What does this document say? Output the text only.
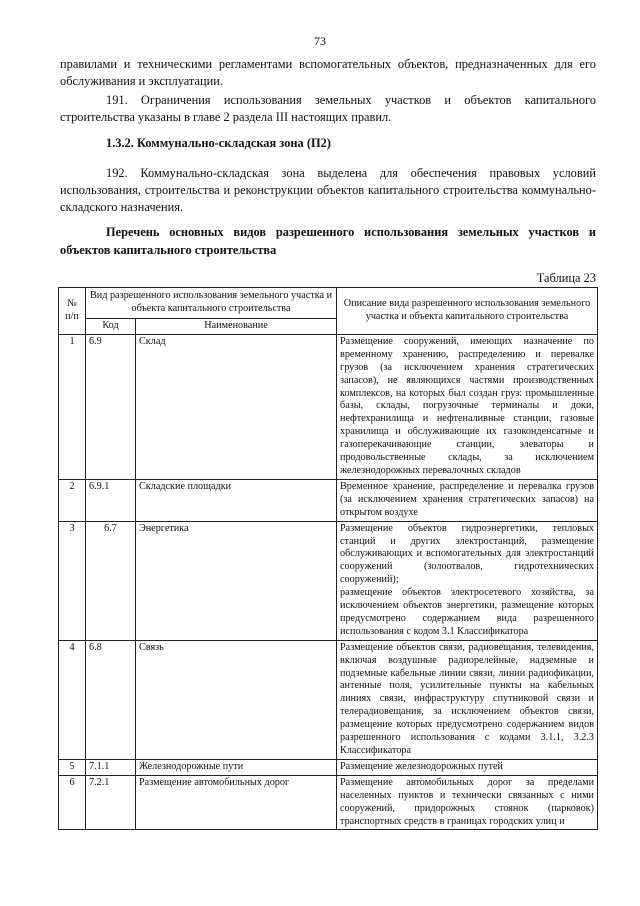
73

правилами и техническими регламентами вспомогательных объектов, предназначенных для его обслуживания и эксплуатации.

191. Ограничения использования земельных участков и объектов капитального строительства указаны в главе 2 раздела III настоящих правил.

1.3.2. Коммунально-складская зона (П2)

192. Коммунально-складская зона выделена для обеспечения правовых условий использования, строительства и реконструкции объектов капитального строительства коммунально-складского назначения.

Перечень основных видов разрешенного использования земельных участков и объектов капитального строительства

Таблица 23
№ п/п	Вид разрешенного использования земельного участка и объекта капитального строительства		Описание вида разрешенного использования земельного участка и объекта капитального строительства
	Код	Наименование	
1	6.9	Склад	Размещение сооружений, имеющих назначение по временному хранению, распределению и перевалке грузов (за исключением хранения стратегических запасов), не являющихся частями производственных комплексов, на которых был создан груз: промышленные базы, склады, погрузочные терминалы и доки, нефтехранилища и нефтеналивные станции, газовые хранилища и обслуживающие их газоконденсатные и газоперекачивающие станции, элеваторы и продовольственные склады, за исключением железнодорожных перевалочных складов
2	6.9.1	Складские площадки	Временное хранение, распределение и перевалка грузов (за исключением хранения стратегических запасов) на открытом воздухе
3	6.7	Энергетика	Размещение объектов гидроэнергетики, тепловых станций и других электростанций, размещение обслуживающих и вспомогательных для электростанций сооружений (золоотвалов, гидротехнических сооружений);
размещение объектов электросетевого хозяйства, за исключением объектов энергетики, размещение которых предусмотрено содержанием вида разрешенного использования с кодом 3.1 Классификатора

4	6.8	Связь	Размещение объектов связи, радиовещания, телевидения, включая воздушные радиорелейные, надземные и подземные кабельные линии связи, линии радиофикации, антенные поля, усилительные пункты на кабельных линиях связи, инфраструктуру спутниковой связи и телерадиовещания, за исключением объектов связи, размещение которых предусмотрено содержанием видов разрешенного использования с кодами 3.1.1, 3.2.3 Классификатора
5	7.1.1	Железнодорожные пути	Размещение железнодорожных путей
6	7.2.1	Размещение автомобильных дорог	Размещение автомобильных дорог за пределами населенных пунктов и технически связанных с ними сооружений, придорожных стоянок (парковок) транспортных средств в границах городских улиц и
